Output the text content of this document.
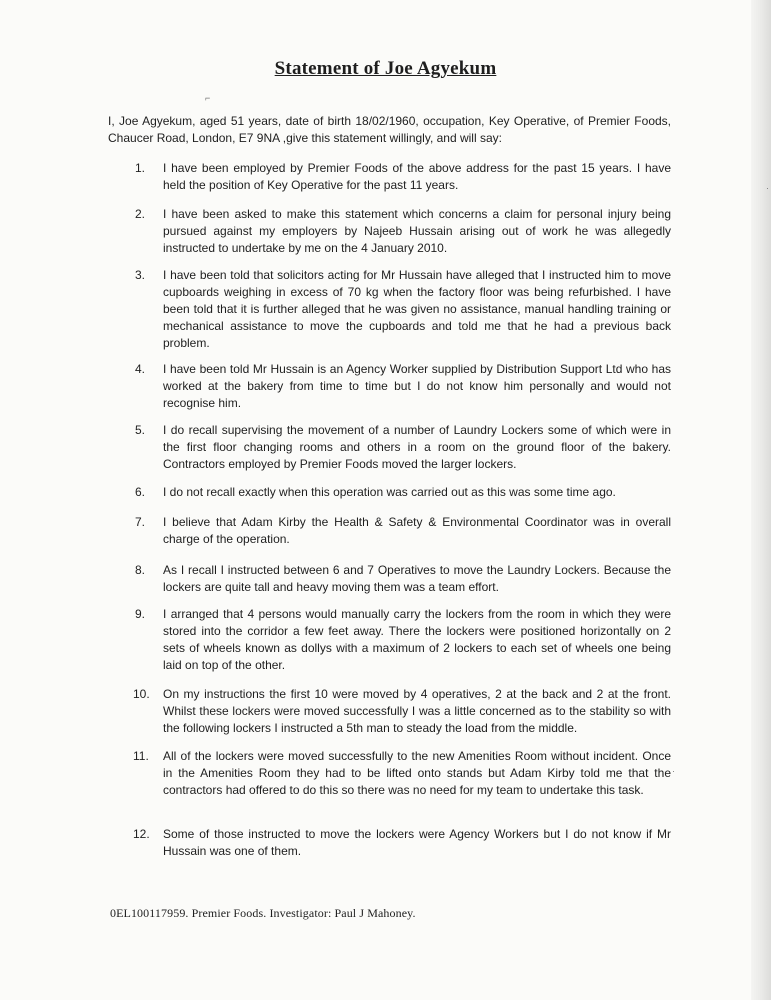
Statement of Joe Agyekum
⌐
I, Joe Agyekum, aged 51 years, date of birth 18/02/1960, occupation, Key Operative, of Premier Foods, Chaucer Road, London, E7 9NA ,give this statement willingly, and will say:
1.	I have been employed by Premier Foods of the above address for the past 15 years. I have held the position of Key Operative for the past 11 years.
2.	I have been asked to make this statement which concerns a claim for personal injury being pursued against my employers by Najeeb Hussain arising out of work he was allegedly instructed to undertake by me on the 4 January 2010.
3.	I have been told that solicitors acting for Mr Hussain have alleged that I instructed him to move cupboards weighing in excess of 70 kg when the factory floor was being refurbished. I have been told that it is further alleged that he was given no assistance, manual handling training or mechanical assistance to move the cupboards and told me that he had a previous back problem.
4.	I have been told Mr Hussain is an Agency Worker supplied by Distribution Support Ltd who has worked at the bakery from time to time but I do not know him personally and would not recognise him.
5.	I do recall supervising the movement of a number of Laundry Lockers some of which were in the first floor changing rooms and others in a room on the ground floor of the bakery. Contractors employed by Premier Foods moved the larger lockers.
6.	I do not recall exactly when this operation was carried out as this was some time ago.
7.	I believe that Adam Kirby the Health & Safety & Environmental Coordinator was in overall charge of the operation.
8.	As I recall I instructed between 6 and 7 Operatives to move the Laundry Lockers. Because the lockers are quite tall and heavy moving them was a team effort.
9.	I arranged that 4 persons would manually carry the lockers from the room in which they were stored into the corridor a few feet away. There the lockers were positioned horizontally on 2 sets of wheels known as dollys with a maximum of 2 lockers to each set of wheels one being laid on top of the other.
10.	On my instructions the first 10 were moved by 4 operatives, 2 at the back and 2 at the front. Whilst these lockers were moved successfully I was a little concerned as to the stability so with the following lockers I instructed a 5th man to steady the load from the middle.
11.	All of the lockers were moved successfully to the new Amenities Room without incident. Once in the Amenities Room they had to be lifted onto stands but Adam Kirby told me that the contractors had offered to do this so there was no need for my team to undertake this task.
12.	Some of those instructed to move the lockers were Agency Workers but I do not know if Mr Hussain was one of them.
0EL100117959. Premier Foods. Investigator: Paul J Mahoney.
·
·
